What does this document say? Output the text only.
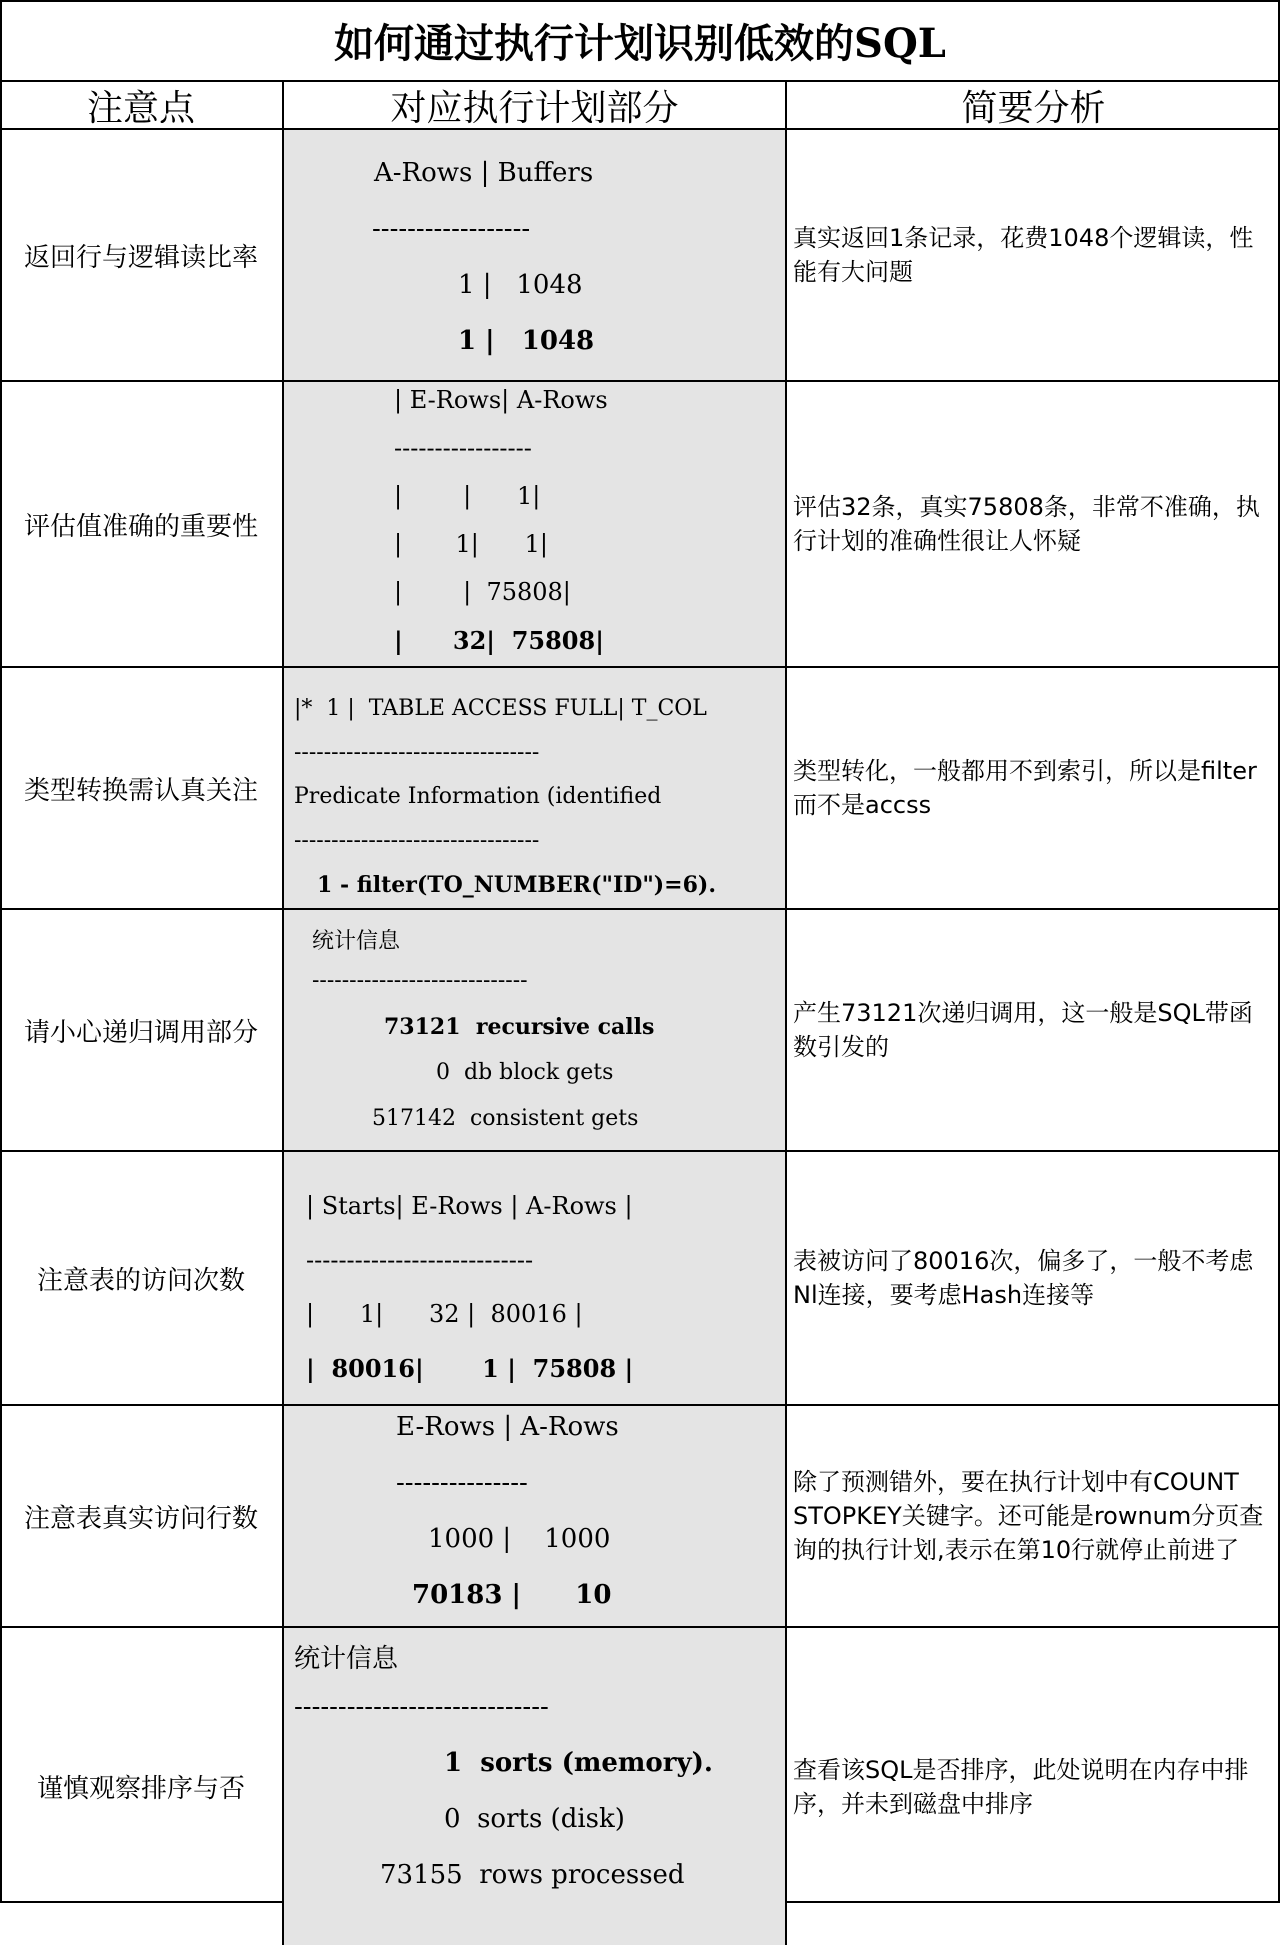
如何通过执行计划识别低效的SQL
注意点	对应执行计划部分	简要分析
返回行与逻辑读比率
A-Rows | Buffers
------------------
1 |   1048
1 |   1048
真实返回1条记录，花费1048个逻辑读，性能有大问题
评估值准确的重要性
| E-Rows| A-Rows
-----------------
|        |      1|
|       1|      1|
|        |  75808|
|      32|  75808|
评估32条，真实75808条，非常不准确，执行计划的准确性很让人怀疑
类型转换需认真关注
|*  1 |  TABLE ACCESS FULL| T_COL
---------------------------------
Predicate Information (identified
---------------------------------
1 - filter(TO_NUMBER("ID")=6).
类型转化，一般都用不到索引，所以是filter而不是accss
请小心递归调用部分
统计信息
-----------------------------
73121  recursive calls
0  db block gets
517142  consistent gets
产生73121次递归调用，这一般是SQL带函数引发的
注意表的访问次数
| Starts| E-Rows | A-Rows |
----------------------------
|      1|      32 |  80016 |
|  80016|       1 |  75808 |
表被访问了80016次，偏多了，一般不考虑Nl连接，要考虑Hash连接等
注意表真实访问行数
E-Rows | A-Rows
---------------
1000 |    1000
70183 |      10
除了预测错外，要在执行计划中有COUNT STOPKEY关键字。还可能是rownum分页查询的执行计划,表示在第10行就停止前进了
谨慎观察排序与否
统计信息
-----------------------------
1  sorts (memory).
0  sorts (disk)
73155  rows processed
查看该SQL是否排序，此处说明在内存中排序，并未到磁盘中排序
